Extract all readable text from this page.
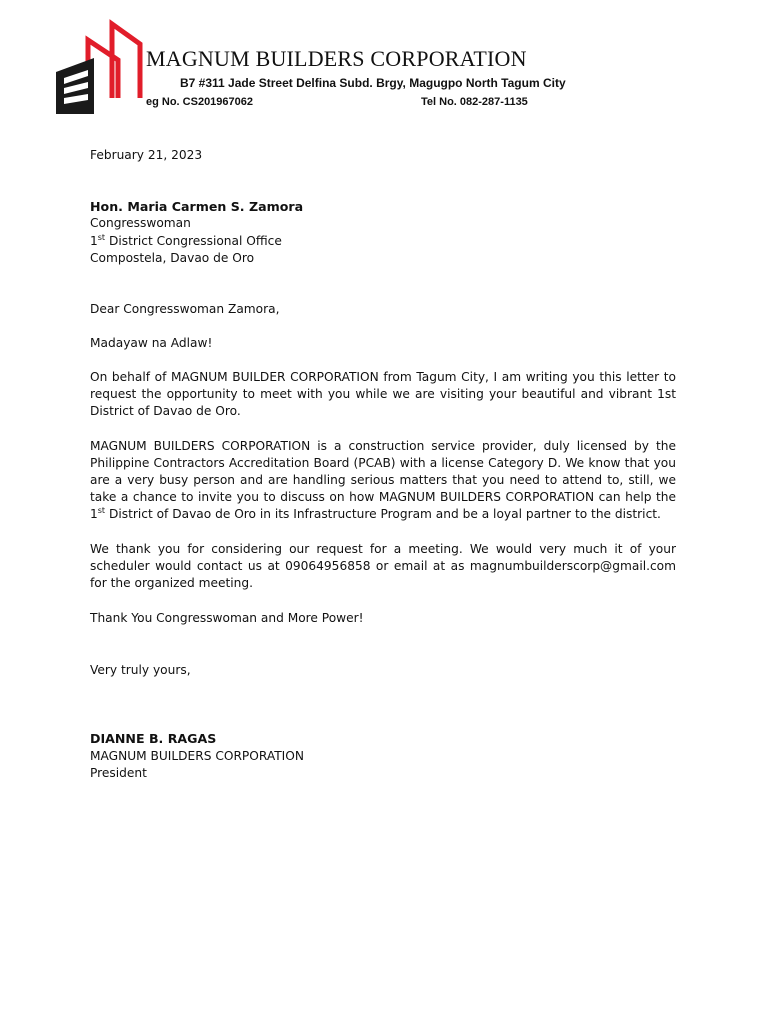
MAGNUM BUILDERS CORPORATION
B7 #311 Jade Street Delfina Subd. Brgy, Magugpo North Tagum City
eg No. CS201967062	Tel No. 082-287-1135
February 21, 2023
Hon. Maria Carmen S. Zamora
Congresswoman
1st District Congressional Office
Compostela, Davao de Oro
Dear Congresswoman Zamora,
Madayaw na Adlaw!
On behalf of MAGNUM BUILDER CORPORATION from Tagum City, I am writing you this letter to request the opportunity to meet with you while we are visiting your beautiful and vibrant 1st District of Davao de Oro.
MAGNUM BUILDERS CORPORATION is a construction service provider, duly licensed by the Philippine Contractors Accreditation Board (PCAB) with a license Category D. We know that you are a very busy person and are handling serious matters that you need to attend to, still, we take a chance to invite you to discuss on how MAGNUM BUILDERS CORPORATION can help the 1st District of Davao de Oro in its Infrastructure Program and be a loyal partner to the district.
We thank you for considering our request for a meeting. We would very much it of your scheduler would contact us at 09064956858 or email at as magnumbuilderscorp@gmail.com for the organized meeting.
Thank You Congresswoman and More Power!
Very truly yours,
DIANNE B. RAGAS
MAGNUM BUILDERS CORPORATION
President
